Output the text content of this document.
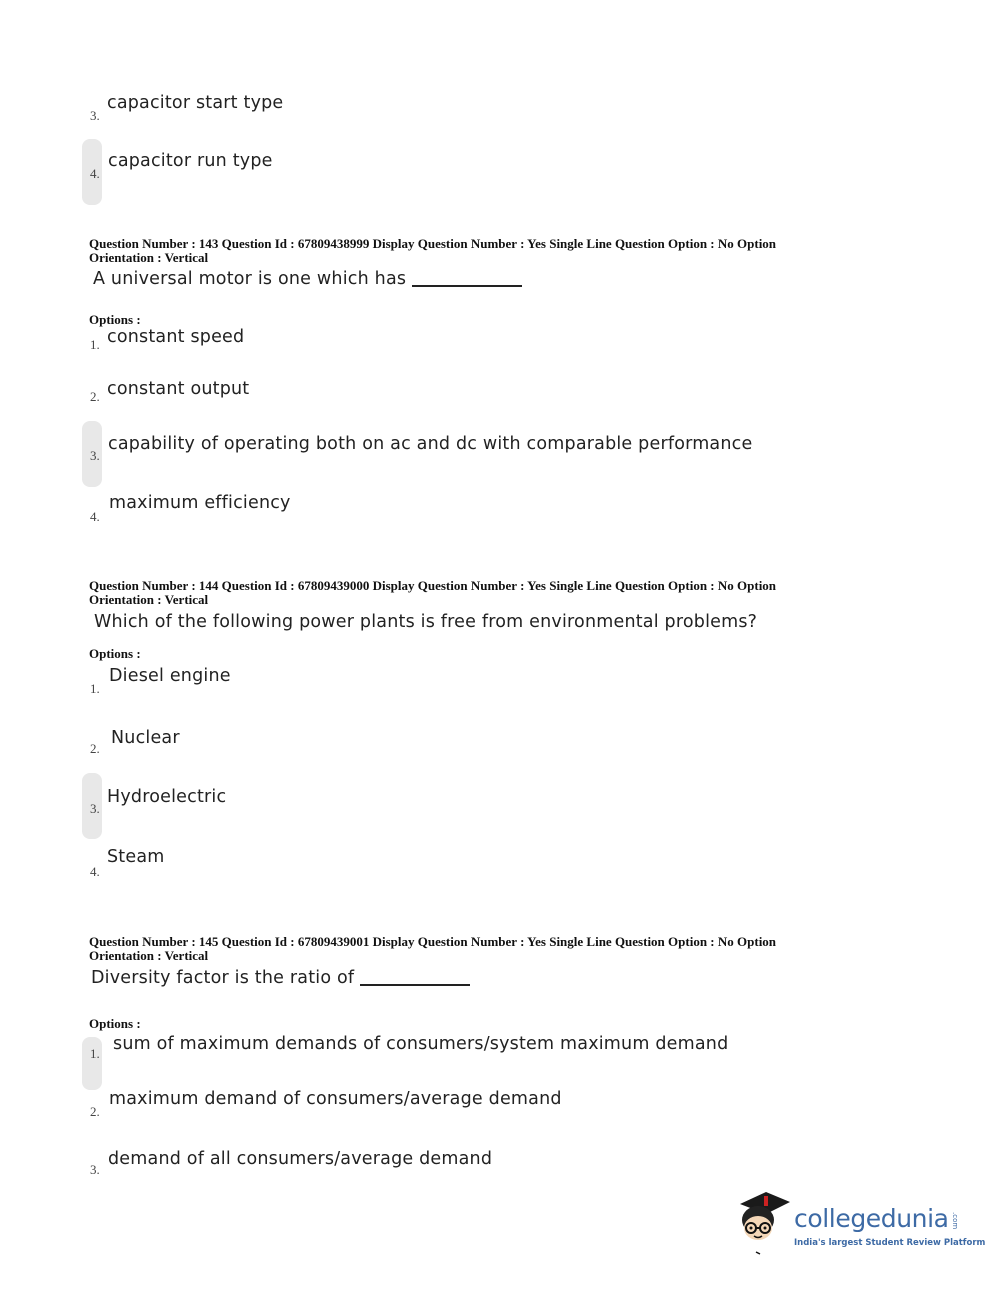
3.
capacitor start type
4.
capacitor run type
Question Number : 143 Question Id : 67809438999 Display Question Number : Yes Single Line Question Option : No Option
Orientation : Vertical
A universal motor is one which has
Options :
1. constant speed
2. constant output
3.
capability of operating both on ac and dc with comparable performance
4.
maximum efficiency
Question Number : 144 Question Id : 67809439000 Display Question Number : Yes Single Line Question Option : No Option
Orientation : Vertical
Which of the following power plants is free from environmental problems?
Options :
1.
Diesel engine
2.
Nuclear
3.
Hydroelectric
4.
Steam
Question Number : 145 Question Id : 67809439001 Display Question Number : Yes Single Line Question Option : No Option
Orientation : Vertical
Diversity factor is the ratio of
Options :
1. sum of maximum demands of consumers/system maximum demand
2.
maximum demand of consumers/average demand
3.
demand of all consumers/average demand
collegedunia .com
India's largest Student Review Platform
